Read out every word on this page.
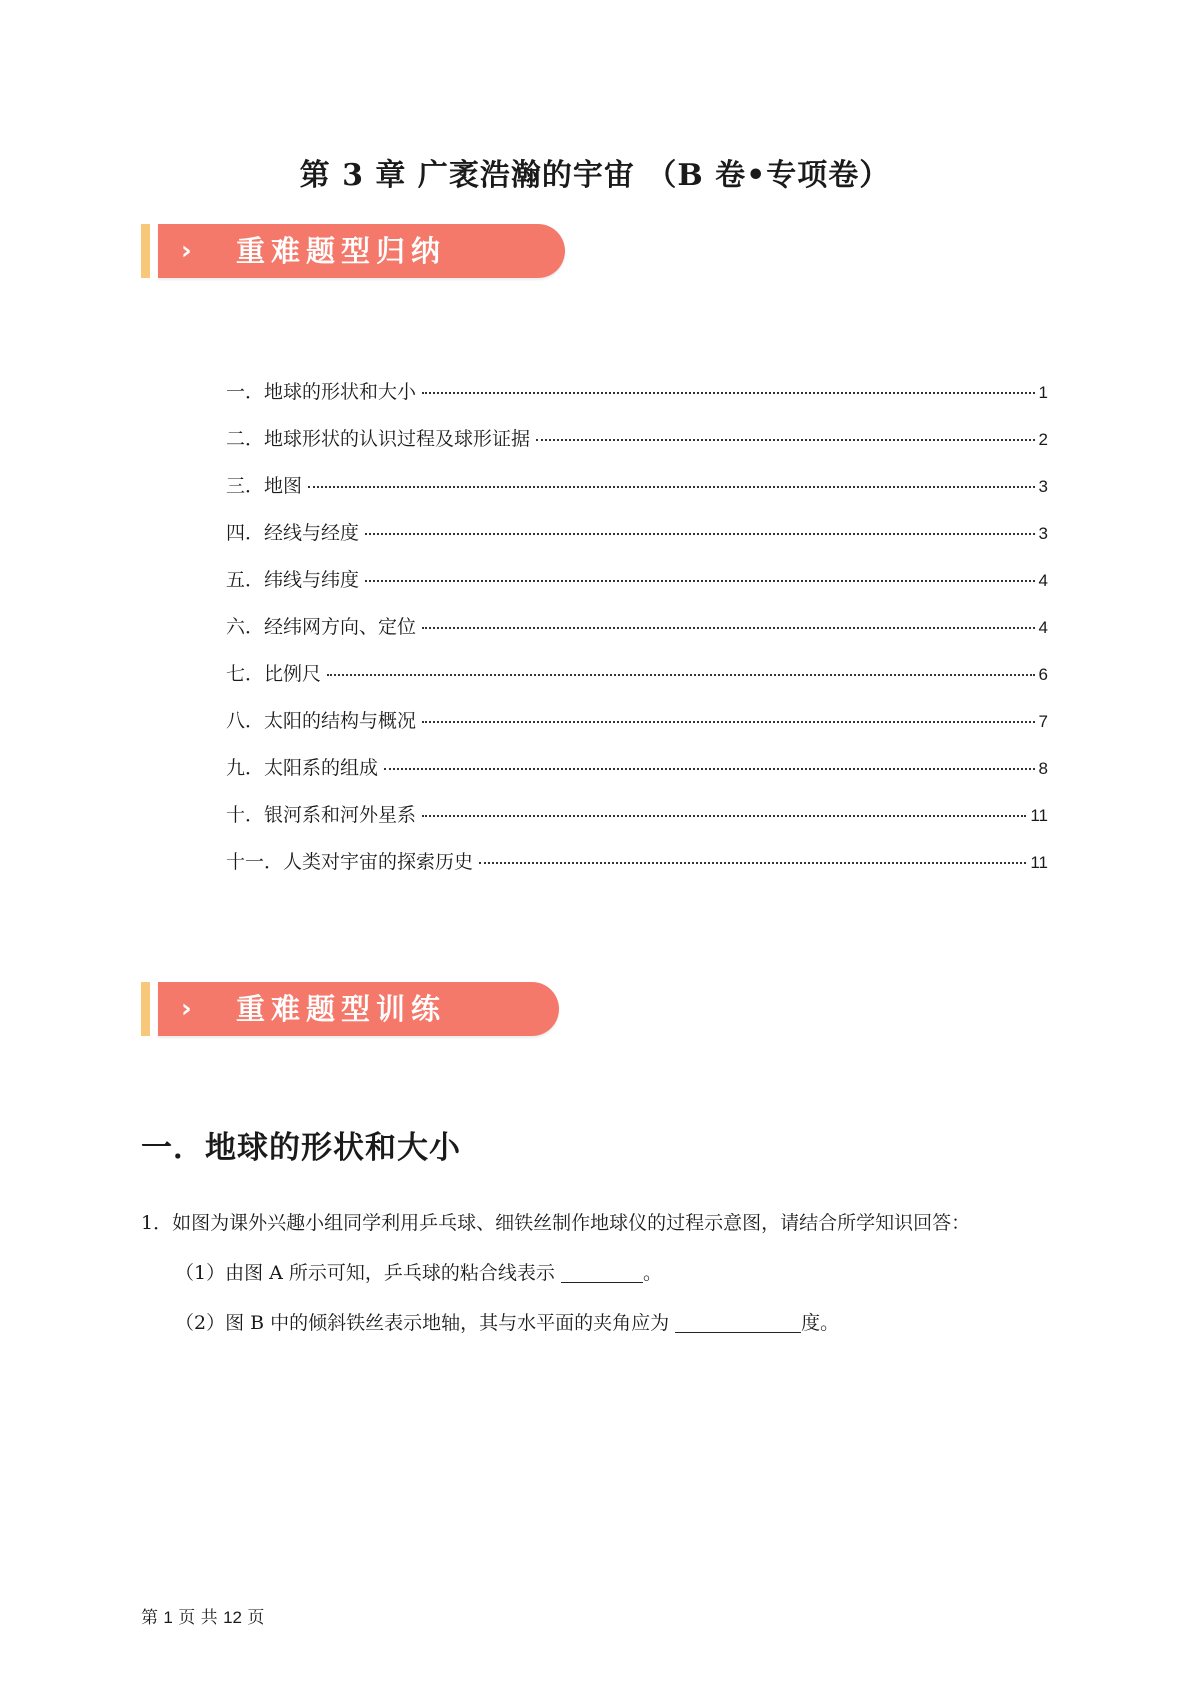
第 3 章 广袤浩瀚的宇宙 （B 卷•专项卷）
› 重难题型归纳
一．地球的形状和大小	1
二．地球形状的认识过程及球形证据	2
三．地图	3
四．经线与经度	3
五．纬线与纬度	4
六．经纬网方向、定位	4
七．比例尺	6
八．太阳的结构与概况	7
九．太阳系的组成	8
十．银河系和河外星系	11
十一．人类对宇宙的探索历史	11
› 重难题型训练
一．地球的形状和大小
1．如图为课外兴趣小组同学利用乒乓球、细铁丝制作地球仪的过程示意图，请结合所学知识回答：
（1）由图 A 所示可知，乒乓球的粘合线表示	。
（2）图 B 中的倾斜铁丝表示地轴，其与水平面的夹角应为	度。
第 1 页 共 12 页
